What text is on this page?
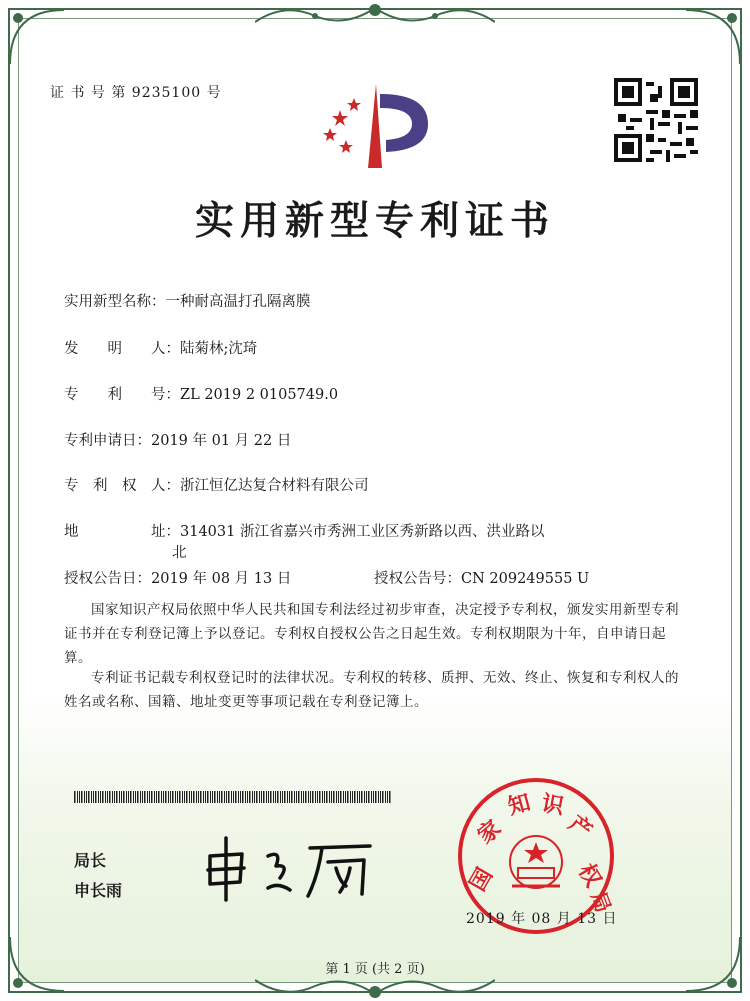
证 书 号 第 9235100 号
实用新型专利证书
实用新型名称：一种耐高温打孔隔离膜
发　　明　　人：陆菊林;沈琦
专　　利　　号：ZL 2019 2 0105749.0
专利申请日：2019 年 01 月 22 日
专　利　权　人：浙江恒亿达复合材料有限公司
地　　　　　址：314031 浙江省嘉兴市秀洲工业区秀新路以西、洪业路以
北
授权公告日：2019 年 08 月 13 日	授权公告号：CN 209249555 U
国家知识产权局依照中华人民共和国专利法经过初步审查，决定授予专利权，颁发实用新型专利证书并在专利登记簿上予以登记。专利权自授权公告之日起生效。专利权期限为十年，自申请日起算。
专利证书记载专利权登记时的法律状况。专利权的转移、质押、无效、终止、恢复和专利权人的姓名或名称、国籍、地址变更等事项记载在专利登记簿上。
局长
申长雨	国
家
知 识
产
权
局
2019 年 08 月 13 日
第 1 页 (共 2 页)
